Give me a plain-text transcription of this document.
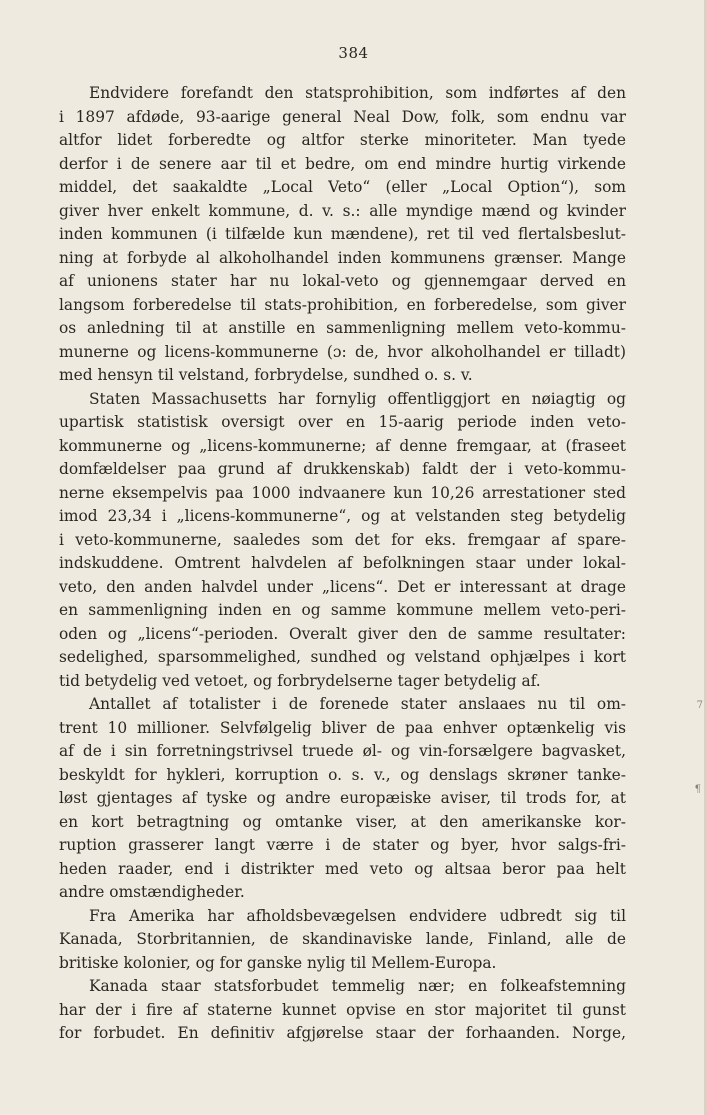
384
Endvidere forefandt den statsprohibition, som indførtes af den
i 1897 afdøde, 93-aarige general Neal Dow, folk, som endnu var
altfor lidet forberedte og altfor sterke minoriteter. Man tyede
derfor i de senere aar til et bedre, om end mindre hurtig virkende
middel, det saakaldte „Local Veto“ (eller „Local Option“), som
giver hver enkelt kommune, d. v. s.: alle myndige mænd og kvinder
inden kommunen (i tilfælde kun mændene), ret til ved flertalsbeslut-
ning at forbyde al alkoholhandel inden kommunens grænser. Mange
af unionens stater har nu lokal-veto og gjennemgaar derved en
langsom forberedelse til stats-prohibition, en forberedelse, som giver
os anledning til at anstille en sammenligning mellem veto-kommu-
munerne og licens-kommunerne (ɔ: de, hvor alkoholhandel er tilladt)
med hensyn til velstand, forbrydelse, sundhed o. s. v.
Staten Massachusetts har fornylig offentliggjort en nøiagtig og
upartisk statistisk oversigt over en 15-aarig periode inden veto-
kommunerne og „licens-kommunerne; af denne fremgaar, at (fraseet
domfældelser paa grund af drukkenskab) faldt der i veto-kommu-
nerne eksempelvis paa 1000 indvaanere kun 10,26 arrestationer sted
imod 23,34 i „licens-kommunerne“, og at velstanden steg betydelig
i veto-kommunerne, saaledes som det for eks. fremgaar af spare-
indskuddene. Omtrent halvdelen af befolkningen staar under lokal-
veto, den anden halvdel under „licens“. Det er interessant at drage
en sammenligning inden en og samme kommune mellem veto-peri-
oden og „licens“-perioden. Overalt giver den de samme resultater:
sedelighed, sparsommelighed, sundhed og velstand ophjælpes i kort
tid betydelig ved vetoet, og forbrydelserne tager betydelig af.
Antallet af totalister i de forenede stater anslaaes nu til om-
trent 10 millioner. Selvfølgelig bliver de paa enhver optænkelig vis
af de i sin forretningstrivsel truede øl- og vin-forsælgere bagvasket,
beskyldt for hykleri, korruption o. s. v., og denslags skrøner tanke-
løst gjentages af tyske og andre europæiske aviser, til trods for, at
en kort betragtning og omtanke viser, at den amerikanske kor-
ruption grasserer langt værre i de stater og byer, hvor salgs-fri-
heden raader, end i distrikter med veto og altsaa beror paa helt
andre omstændigheder.
Fra Amerika har afholdsbevægelsen endvidere udbredt sig til
Kanada, Storbritannien, de skandinaviske lande, Finland, alle de
britiske kolonier, og for ganske nylig til Mellem-Europa.
Kanada staar statsforbudet temmelig nær; en folkeafstemning
har der i fire af staterne kunnet opvise en stor majoritet til gunst
for forbudet. En definitiv afgjørelse staar der forhaanden. Norge,
7
¶
